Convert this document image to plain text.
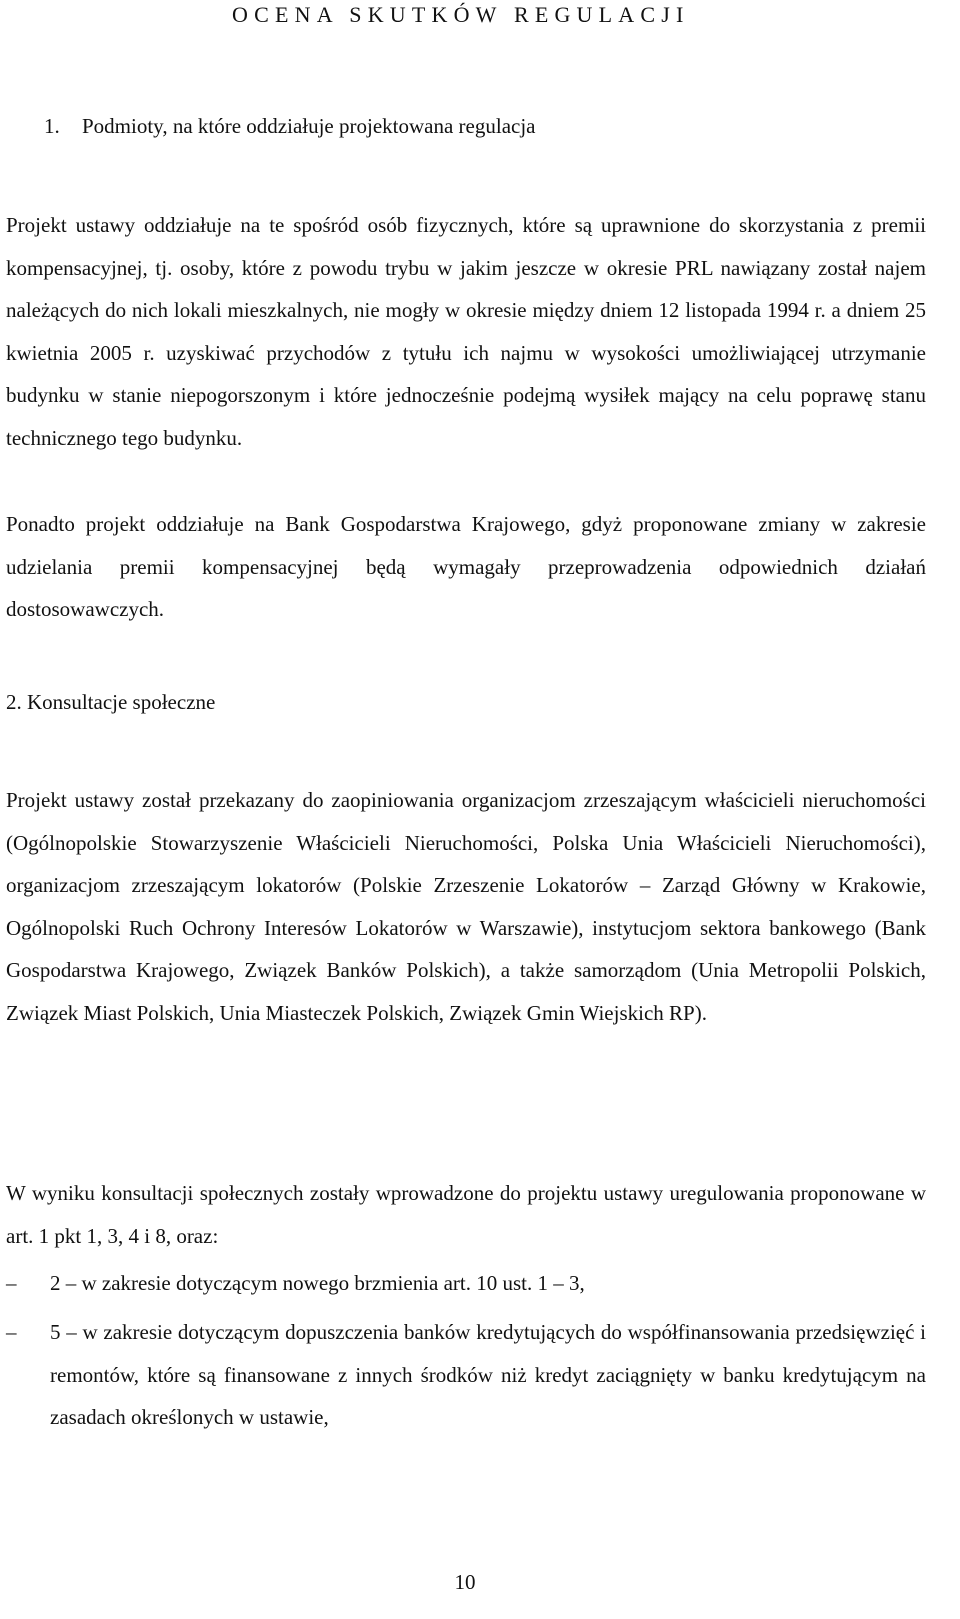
OCENA SKUTKÓW REGULACJI
1. Podmioty, na które oddziałuje projektowana regulacja
Projekt ustawy oddziałuje na te spośród osób fizycznych, które są uprawnione do skorzystania z premii kompensacyjnej, tj. osoby, które z powodu trybu w jakim jeszcze w okresie PRL nawiązany został najem należących do nich lokali mieszkalnych, nie mogły w okresie między dniem 12 listopada 1994 r. a dniem 25 kwietnia 2005 r. uzyskiwać przychodów z tytułu ich najmu w wysokości umożliwiającej utrzymanie budynku w stanie niepogorszonym i które jednocześnie podejmą wysiłek mający na celu poprawę stanu technicznego tego budynku.
Ponadto projekt oddziałuje na Bank Gospodarstwa Krajowego, gdyż proponowane zmiany w zakresie udzielania premii kompensacyjnej będą wymagały przeprowadzenia odpowiednich działań dostosowawczych.
2. Konsultacje społeczne
Projekt ustawy został przekazany do zaopiniowania organizacjom zrzeszającym właścicieli nieruchomości (Ogólnopolskie Stowarzyszenie Właścicieli Nieruchomości, Polska Unia Właścicieli Nieruchomości), organizacjom zrzeszającym lokatorów (Polskie Zrzeszenie Lokatorów – Zarząd Główny w Krakowie, Ogólnopolski Ruch Ochrony Interesów Lokatorów w Warszawie), instytucjom sektora bankowego (Bank Gospodarstwa Krajowego, Związek Banków Polskich), a także samorządom (Unia Metropolii Polskich, Związek Miast Polskich, Unia Miasteczek Polskich, Związek Gmin Wiejskich RP).
W wyniku konsultacji społecznych zostały wprowadzone do projektu ustawy uregulowania proponowane w art. 1 pkt 1, 3, 4 i 8, oraz:
–	2 – w zakresie dotyczącym nowego brzmienia art. 10 ust. 1 – 3,
–	5 – w zakresie dotyczącym dopuszczenia banków kredytujących do współfinansowania przedsięwzięć i remontów, które są finansowane z innych środków niż kredyt zaciągnięty w banku kredytującym na zasadach określonych w ustawie,
10
